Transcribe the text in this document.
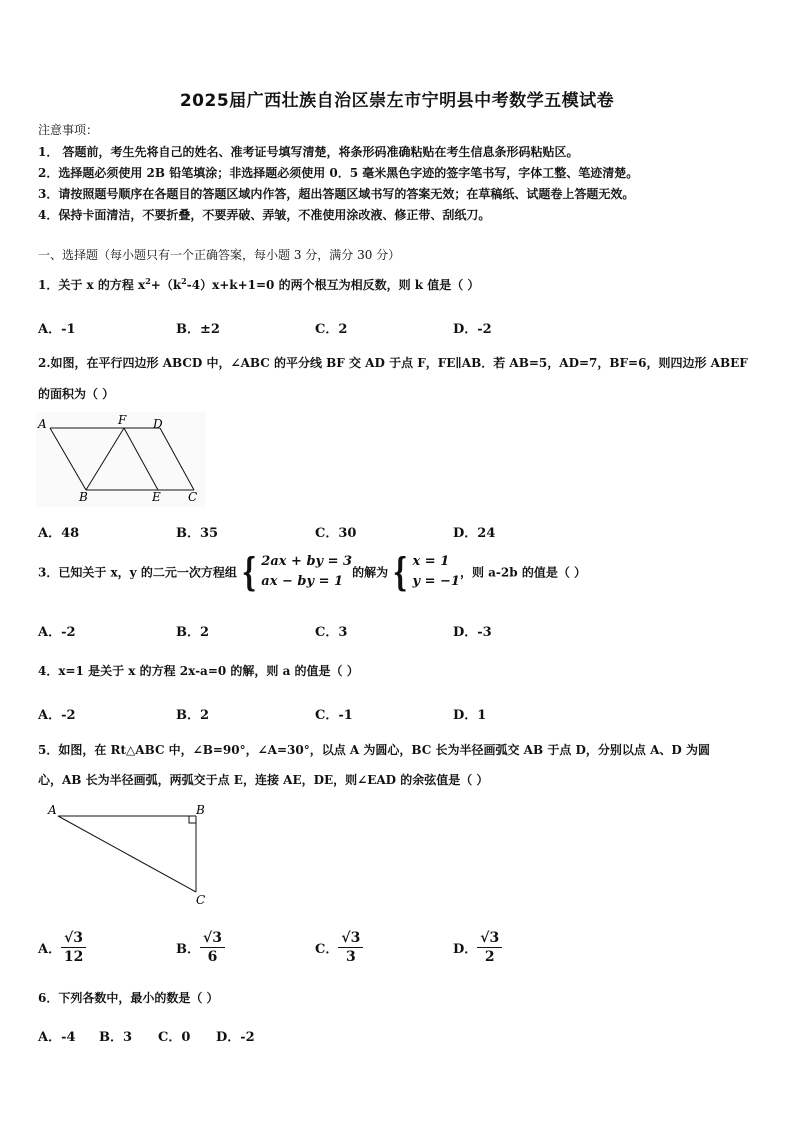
2025届广西壮族自治区崇左市宁明县中考数学五模试卷
注意事项：
1． 答题前，考生先将自己的姓名、准考证号填写清楚，将条形码准确粘贴在考生信息条形码粘贴区。
2．选择题必须使用 2B 铅笔填涂；非选择题必须使用 0．5 毫米黑色字迹的签字笔书写，字体工整、笔迹清楚。
3．请按照题号顺序在各题目的答题区域内作答，超出答题区域书写的答案无效；在草稿纸、试题卷上答题无效。
4．保持卡面清洁，不要折叠，不要弄破、弄皱，不准使用涂改液、修正带、刮纸刀。
一、选择题（每小题只有一个正确答案，每小题 3 分，满分 30 分）
1．关于 x 的方程 $x^2+(k^2-4)x+k+1=0$ 的两个根互为相反数，则 k 值是（ ）
A．-1	B．±2	C．2	D．-2
2.如图，在平行四边形 ABCD 中，∠ABC 的平分线 BF 交 AD 于点 F，FE∥AB．若 AB=5，AD=7，BF=6，则四边形 ABEF
的面积为（ ）
A	F D
B	E C
A．48	B．35	C．30	D．24
3．已知关于 x，y 的二元一次方程组 { 2ax + by = 3
ax − by = 1
的解为 { x = 1
y = −1
，则 a-2b 的值是（ ）
A．-2	B．2	C．3	D．-3
4．x=1 是关于 x 的方程 2x-a=0 的解，则 a 的值是（ ）
A．-2	B．2	C．-1	D．1
5．如图，在 Rt△ABC 中，∠B=90°，∠A=30°，以点 A 为圆心，BC 长为半径画弧交 AB 于点 D，分别以点 A、D 为圆
心，AB 长为半径画弧，两弧交于点 E，连接 AE，DE，则∠EAD 的余弦值是（ ）
A	B
C
A． $\frac{√3}{12}$	B． $\frac{√3}{6}$	C． $\frac{√3}{3}$	D． $\frac{√3}{2}$
6．下列各数中，最小的数是（ ）
A．-4 B．3 C．0 D．-2
